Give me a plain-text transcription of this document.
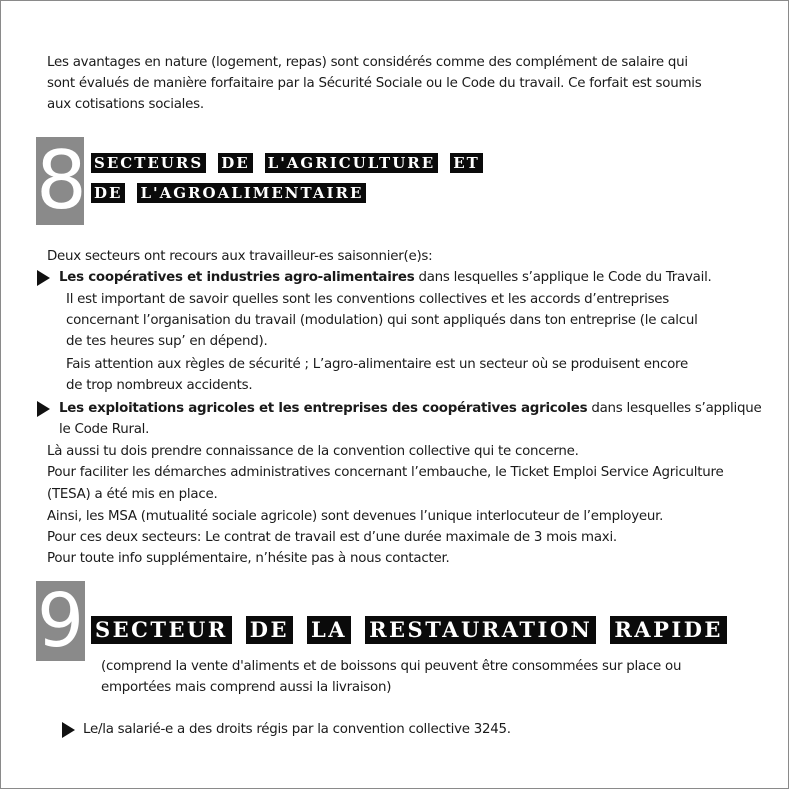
Les avantages en nature (logement, repas) sont considérés comme des complément de salaire qui
sont évalués de manière forfaitaire par la Sécurité Sociale ou le Code du travail. Ce forfait est soumis
aux cotisations sociales.
8 SECTEURS DE L'AGRICULTURE ET
DE L'AGROALIMENTAIRE
Deux secteurs ont recours aux travailleur-es saisonnier(e)s:
Les coopératives et industries agro-alimentaires dans lesquelles s’applique le Code du Travail.
Il est important de savoir quelles sont les conventions collectives et les accords d’entreprises
concernant l’organisation du travail (modulation) qui sont appliqués dans ton entreprise (le calcul
de tes heures sup’ en dépend).
Fais attention aux règles de sécurité ; L’agro-alimentaire est un secteur où se produisent encore
de trop nombreux accidents.
Les exploitations agricoles et les entreprises des coopératives agricoles dans lesquelles s’applique
le Code Rural.
Là aussi tu dois prendre connaissance de la convention collective qui te concerne.
Pour faciliter les démarches administratives concernant l’embauche, le Ticket Emploi Service Agriculture
(TESA) a été mis en place.
Ainsi, les MSA (mutualité sociale agricole) sont devenues l’unique interlocuteur de l’employeur.
Pour ces deux secteurs: Le contrat de travail est d’une durée maximale de 3 mois maxi.
Pour toute info supplémentaire, n’hésite pas à nous contacter.
9 SECTEUR DE LA RESTAURATION RAPIDE
(comprend la vente d'aliments et de boissons qui peuvent être consommées sur place ou
emportées mais comprend aussi la livraison)
Le/la salarié-e a des droits régis par la convention collective 3245.
